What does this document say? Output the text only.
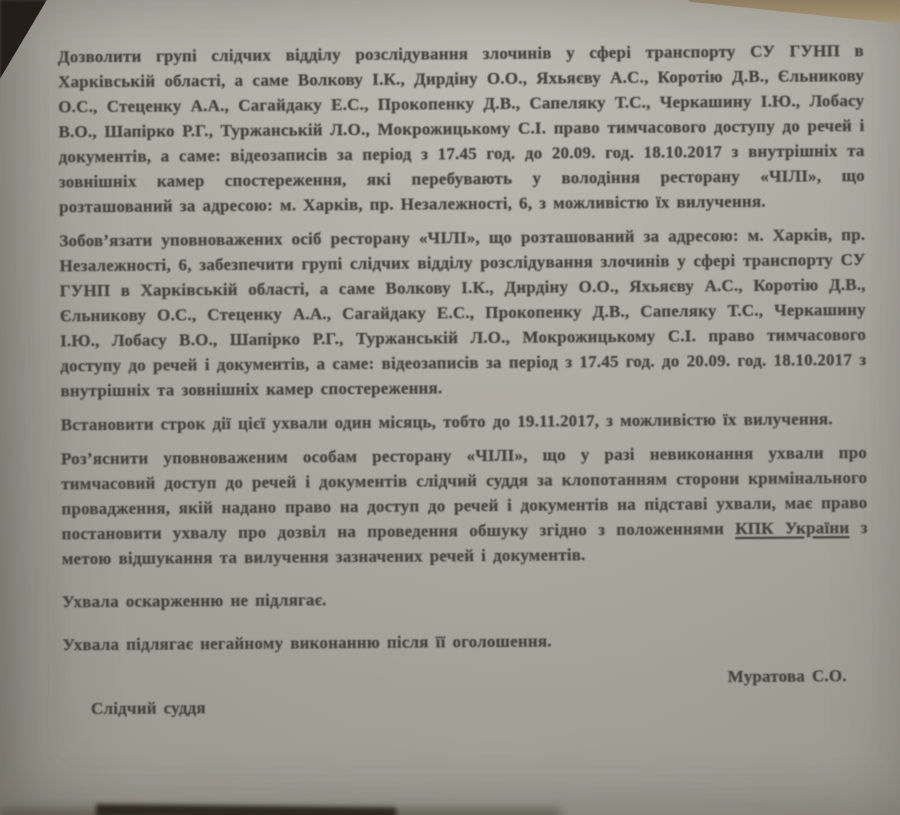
Дозволити групі слідчих відділу розслідування злочинів у сфері транспорту СУ ГУНП в Харківській області, а саме Волкову І.К., Дирдіну О.О., Яхьяєву А.С., Коротію Д.В., Єльникову О.С., Стеценку А.А., Сагайдаку Е.С., Прокопенку Д.В., Сапеляку Т.С., Черкашину І.Ю., Лобасу В.О., Шапірко Р.Г., Туржанській Л.О., Мокрожицькому С.І. право тимчасового доступу до речей і документів, а саме: відеозаписів за період з 17.45 год. до 20.09. год. 18.10.2017 з внутрішніх та зовнішніх камер спостереження, які перебувають у володіння ресторану «ЧІЛІ», що розташований за адресою: м. Харків, пр. Незалежності, 6, з можливістю їх вилучення.

Зобов’язати уповноважених осіб ресторану «ЧІЛІ», що розташований за адресою: м. Харків, пр. Незалежності, 6, забезпечити групі слідчих відділу розслідування злочинів у сфері транспорту СУ ГУНП в Харківській області, а саме Волкову І.К., Дирдіну О.О., Яхьяєву А.С., Коротію Д.В., Єльникову О.С., Стеценку А.А., Сагайдаку Е.С., Прокопенку Д.В., Сапеляку Т.С., Черкашину І.Ю., Лобасу В.О., Шапірко Р.Г., Туржанській Л.О., Мокрожицькому С.І. право тимчасового доступу до речей і документів, а саме: відеозаписів за період з 17.45 год. до 20.09. год. 18.10.2017 з внутрішніх та зовнішніх камер спостереження.

Встановити строк дії цієї ухвали один місяць, тобто до 19.11.2017, з можливістю їх вилучення.

Роз’яснити уповноваженим особам ресторану «ЧІЛІ», що у разі невиконання ухвали про тимчасовий доступ до речей і документів слідчий суддя за клопотанням сторони кримінального провадження, якій надано право на доступ до речей і документів на підставі ухвали, має право постановити ухвалу про дозвіл на проведення обшуку згідно з положеннями КПК України з метою відшукання та вилучення зазначених речей і документів.

Ухвала оскарженню не підлягає.

Ухвала підлягає негайному виконанню після її оголошення.

Муратова С.О.

Слідчий суддя
